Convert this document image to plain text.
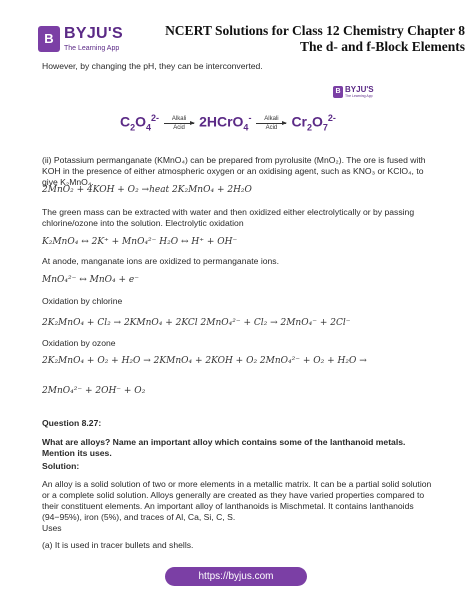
B BYJU'S
The Learning App
NCERT Solutions for Class 12 Chemistry Chapter 8
The d- and f-Block Elements
However, by changing the pH, they can be interconverted.
B BYJU'S
The Learning App
$C_2O_4^{2-}$ Alkali
Acid 2HCrO$_4$- Alkali
Acid $Cr_2O_7^{2-}$
(ii) Potassium permanganate (KMnO₄) can be prepared from pyrolusite (MnO₂). The ore is fused with
KOH in the presence of either atmospheric oxygen or an oxidising agent, such as KNO₃ or KClO₄, to
give K₂MnO₄.
2MnO₂ + 4KOH + O₂ →heat 2K₂MnO₄ + 2H₂O
The green mass can be extracted with water and then oxidized either electrolytically or by passing
chlorine/ozone into the solution. Electrolytic oxidation
K₂MnO₄ ↔ 2K⁺ + MnO₄²⁻ H₂O ↔ H⁺ + OH⁻
At anode, manganate ions are oxidized to permanganate ions.
MnO₄²⁻ ↔ MnO₄ + e⁻
Oxidation by chlorine
2K₂MnO₄ + Cl₂ → 2KMnO₄ + 2KCl 2MnO₄²⁻ + Cl₂ → 2MnO₄⁻ + 2Cl⁻
Oxidation by ozone
2K₂MnO₄ + O₂ + H₂O → 2KMnO₄ + 2KOH + O₂ 2MnO₄²⁻ + O₂ + H₂O →
2MnO₄²⁻ + 2OH⁻ + O₂
Question 8.27:
What are alloys? Name an important alloy which contains some of the lanthanoid metals.
Mention its uses.
Solution:
An alloy is a solid solution of two or more elements in a metallic matrix. It can be a partial solid solution
or a complete solid solution. Alloys generally are created as they have varied properties compared to
their constituent elements. An important alloy of lanthanoids is Mischmetal. It contains lanthanoids
(94−95%), iron (5%), and traces of Al, Ca, Si, C, S.
Uses
(a) It is used in tracer bullets and shells.
https://byjus.com
